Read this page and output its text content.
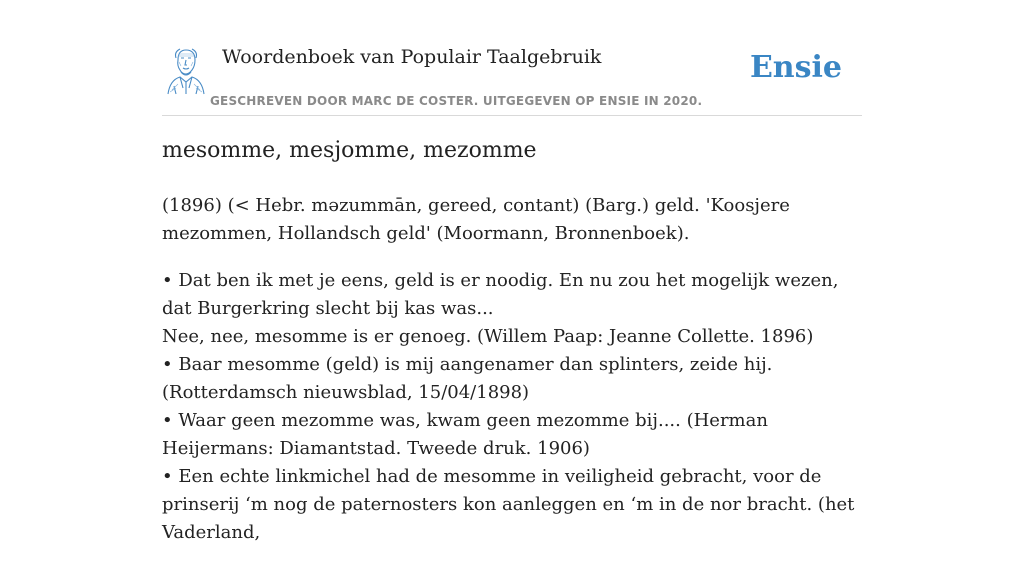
Woordenboek van Populair Taalgebruik
GESCHREVEN DOOR MARC DE COSTER. UITGEGEVEN OP ENSIE IN 2020.
Ensie
mesomme, mesjomme, mezomme

(1896) (< Hebr. məzummān, gereed, contant) (Barg.) geld. 'Koosjere mezommen, Hollandsch geld' (Moormann, Bronnenboek).

• Dat ben ik met je eens, geld is er noodig. En nu zou het mogelijk wezen, dat Burgerkring slecht bij kas was...
Nee, nee, mesomme is er genoeg. (Willem Paap: Jeanne Collette. 1896)
• Baar mesomme (geld) is mij aangenamer dan splinters, zeide hij. (Rotterdamsch nieuwsblad, 15/04/1898)
• Waar geen mezomme was, kwam geen mezomme bij.... (Herman Heijermans: Diamantstad. Tweede druk. 1906)
• Een echte linkmichel had de mesomme in veiligheid gebracht, voor de prinserij ‘m nog de paternosters kon aanleggen en ‘m in de nor bracht. (het Vaderland,
